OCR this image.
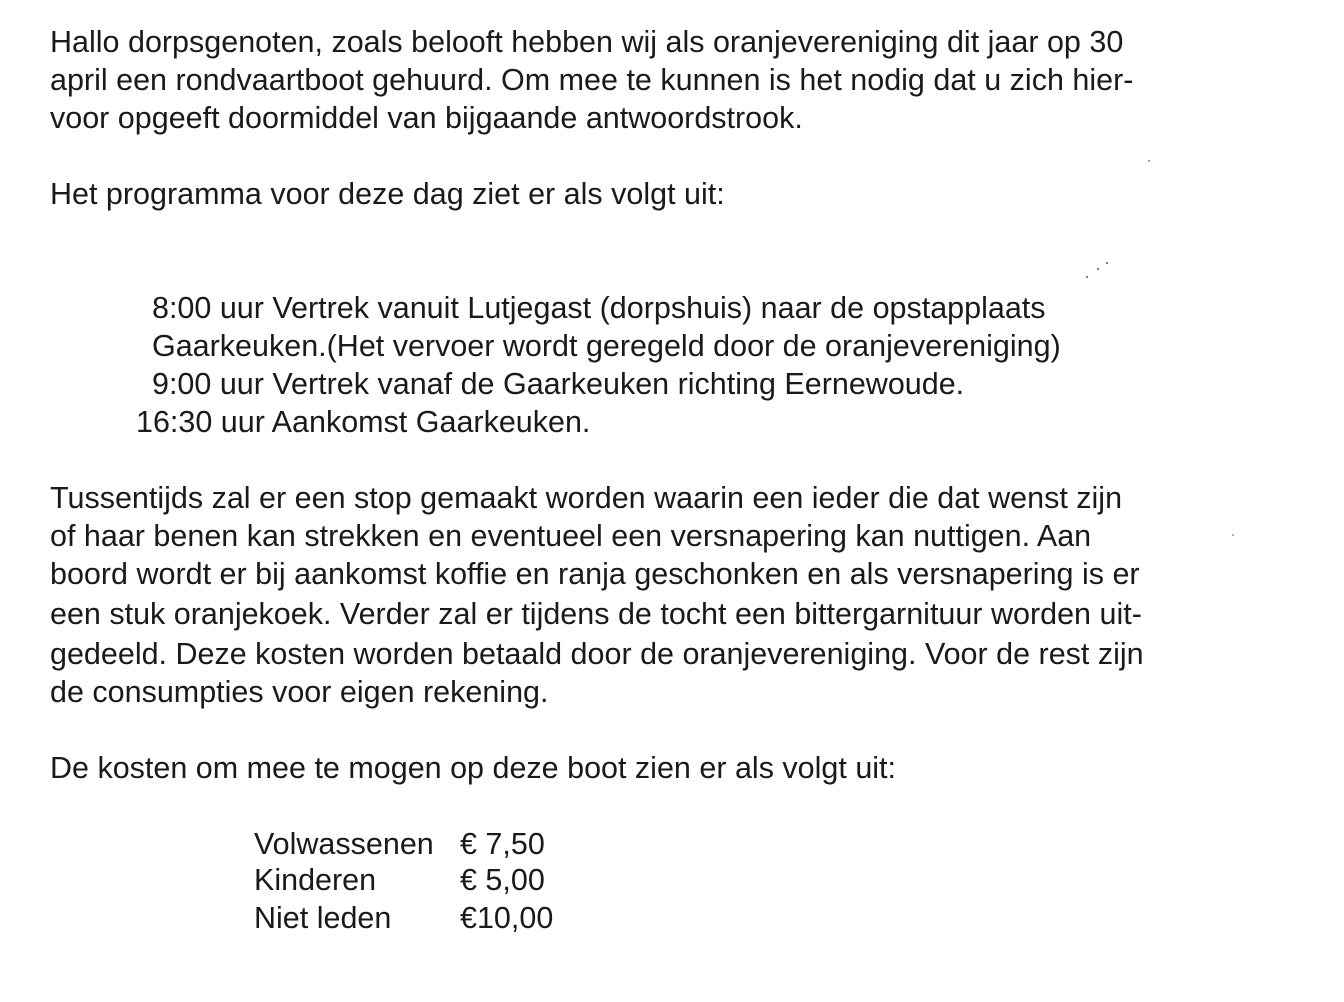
Hallo dorpsgenoten, zoals belooft hebben wij als oranjevereniging dit jaar op 30

april een rondvaartboot gehuurd. Om mee te kunnen is het nodig dat u zich hier-

voor opgeeft doormiddel van bijgaande antwoordstrook.

Het programma voor deze dag ziet er als volgt uit:

8:00 uur Vertrek vanuit Lutjegast (dorpshuis) naar de opstapplaats

Gaarkeuken.(Het vervoer wordt geregeld door de oranjevereniging)

9:00 uur Vertrek vanaf de Gaarkeuken richting Eernewoude.

16:30 uur Aankomst Gaarkeuken.

Tussentijds zal er een stop gemaakt worden waarin een ieder die dat wenst zijn

of haar benen kan strekken en eventueel een versnapering kan nuttigen. Aan

boord wordt er bij aankomst koffie en ranja geschonken en als versnapering is er

een stuk oranjekoek. Verder zal er tijdens de tocht een bittergarnituur worden uit-

gedeeld. Deze kosten worden betaald door de oranjevereniging. Voor de rest zijn

de consumpties voor eigen rekening.

De kosten om mee te mogen op deze boot zien er als volgt uit:

Volwassenen € 7,50

Kinderen	€ 5,00

Niet leden €10,00
